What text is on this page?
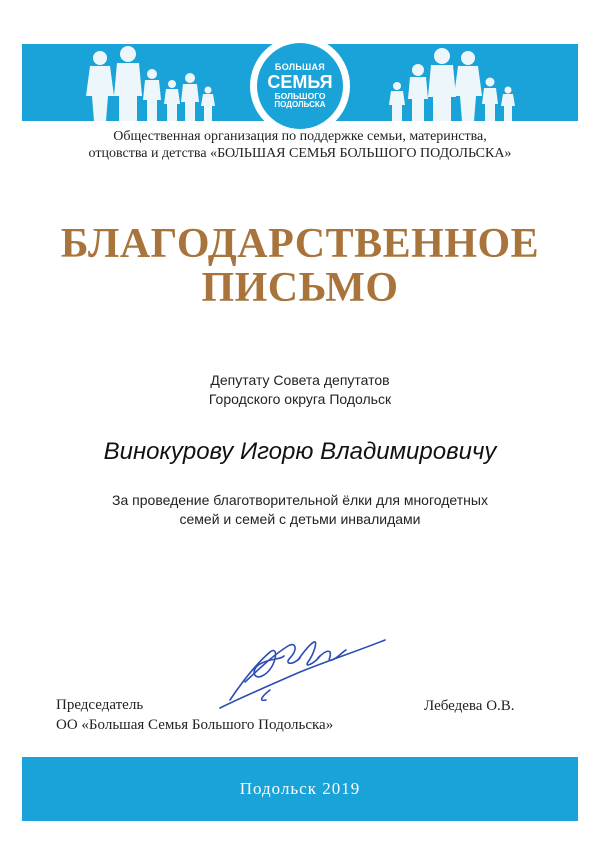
БОЛЬШАЯ
СЕМЬЯ
БОЛЬШОГО
ПОДОЛЬСКА
Общественная организация по поддержке семьи, материнства,
отцовства и детства «БОЛЬШАЯ СЕМЬЯ БОЛЬШОГО ПОДОЛЬСКА»
БЛАГОДАРСТВЕННОЕ
ПИСЬМО
Депутату Совета депутатов
Городского округа Подольск
Винокурову Игорю Владимировичу
За проведение благотворительной ёлки для многодетных
семей и семей с детьми инвалидами
Председатель
ОО «Большая Семья Большого Подольска»
Лебедева О.В.
Подольск 2019
